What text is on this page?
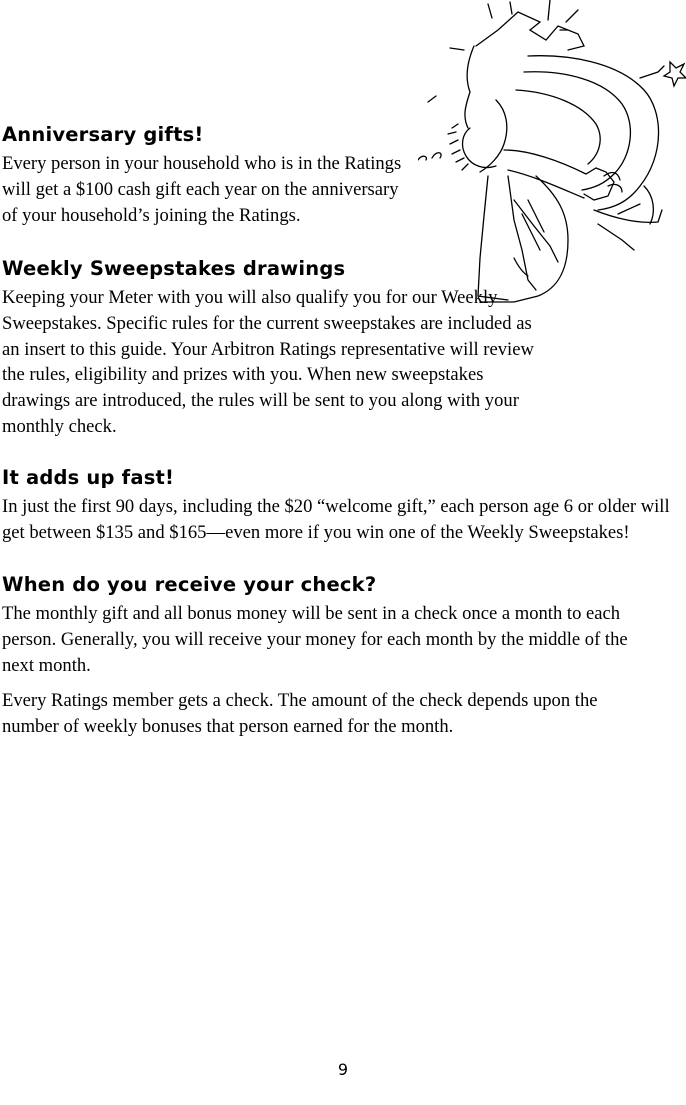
Anniversary gifts!

Every person in your household who is in the Ratings will get a $100 cash gift each year on the anniversary of your household’s joining the Ratings.

Weekly Sweepstakes drawings

Keeping your Meter with you will also qualify you for our Weekly Sweepstakes. Specific rules for the current sweepstakes are included as an insert to this guide. Your Arbitron Ratings representative will review the rules, eligibility and prizes with you. When new sweepstakes drawings are introduced, the rules will be sent to you along with your monthly check.

It adds up fast!

In just the first 90 days, including the $20 “welcome gift,” each person age 6 or older will get between $135 and $165—even more if you win one of the Weekly Sweepstakes!

When do you receive your check?

The monthly gift and all bonus money will be sent in a check once a month to each person. Generally, you will receive your money for each month by the middle of the next month.

Every Ratings member gets a check. The amount of the check depends upon the number of weekly bonuses that person earned for the month.

9
